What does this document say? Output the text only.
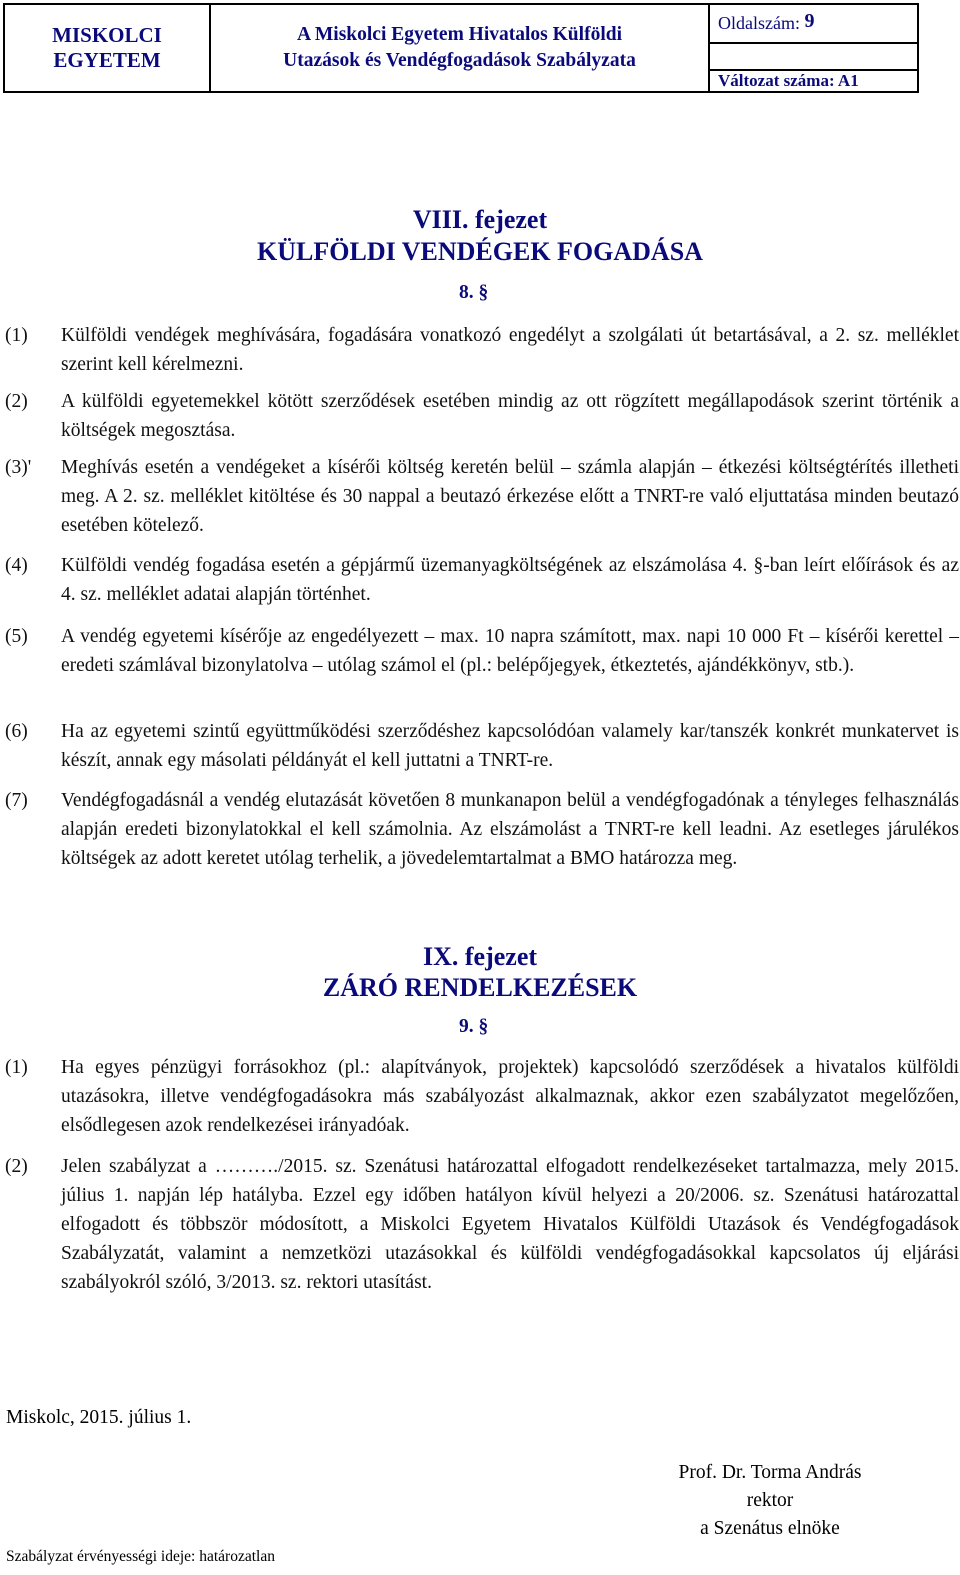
MISKOLCI
EGYETEM
A Miskolci Egyetem Hivatalos Külföldi
Utazások és Vendégfogadások Szabályzata
Oldalszám: 9
Változat száma: A1
VIII. fejezet
KÜLFÖLDI VENDÉGEK FOGADÁSA
8. §
(1) Külföldi vendégek meghívására, fogadására vonatkozó engedélyt a szolgálati út betartásával, a 2. sz. melléklet szerint kell kérelmezni.
(2) A külföldi egyetemekkel kötött szerződések esetében mindig az ott rögzített megállapodások szerint történik a költségek megosztása.
(3)' Meghívás esetén a vendégeket a kísérői költség keretén belül – számla alapján – étkezési költségtérítés illetheti meg. A 2. sz. melléklet kitöltése és 30 nappal a beutazó érkezése előtt a TNRT-re való eljuttatása minden beutazó esetében kötelező.
(4) Külföldi vendég fogadása esetén a gépjármű üzemanyagköltségének az elszámolása 4. §-ban leírt előírások és az 4. sz. melléklet adatai alapján történhet.
(5) A vendég egyetemi kísérője az engedélyezett – max. 10 napra számított, max. napi 10 000 Ft – kísérői kerettel – eredeti számlával bizonylatolva – utólag számol el (pl.: belépőjegyek, étkeztetés, ajándékkönyv, stb.).
(6) Ha az egyetemi szintű együttműködési szerződéshez kapcsolódóan valamely kar/tanszék konkrét munkatervet is készít, annak egy másolati példányát el kell juttatni a TNRT-re.
(7) Vendégfogadásnál a vendég elutazását követően 8 munkanapon belül a vendégfogadónak a tényleges felhasználás alapján eredeti bizonylatokkal el kell számolnia. Az elszámolást a TNRT-re kell leadni. Az esetleges járulékos költségek az adott keretet utólag terhelik, a jövedelemtartalmat a BMO határozza meg.
IX. fejezet
ZÁRÓ RENDELKEZÉSEK
9. §
(1) Ha egyes pénzügyi forrásokhoz (pl.: alapítványok, projektek) kapcsolódó szerződések a hivatalos külföldi utazásokra, illetve vendégfogadásokra más szabályozást alkalmaznak, akkor ezen szabályzatot megelőzően, elsődlegesen azok rendelkezései irányadóak.
(2) Jelen szabályzat a ………./2015. sz. Szenátusi határozattal elfogadott rendelkezéseket tartalmazza, mely 2015. július 1. napján lép hatályba. Ezzel egy időben hatályon kívül helyezi a 20/2006. sz. Szenátusi határozattal elfogadott és többször módosított, a Miskolci Egyetem Hivatalos Külföldi Utazások és Vendégfogadások Szabályzatát, valamint a nemzetközi utazásokkal és külföldi vendégfogadásokkal kapcsolatos új eljárási szabályokról szóló, 3/2013. sz. rektori utasítást.
Miskolc, 2015. július 1.
Prof. Dr. Torma András
rektor
a Szenátus elnöke
Szabályzat érvényességi ideje: határozatlan
